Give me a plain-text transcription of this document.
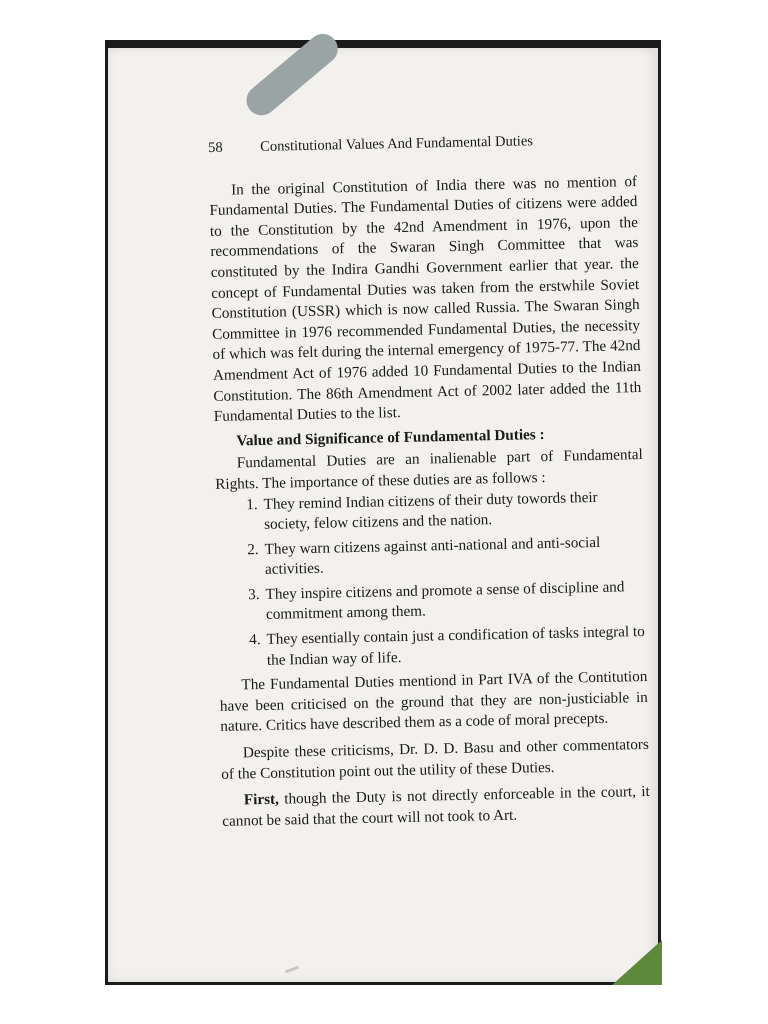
58	Constitutional Values And Fundamental Duties

In the original Constitution of India there was no mention of Fundamental Duties. The Fundamental Duties of citizens were added to the Constitution by the 42nd Amendment in 1976, upon the recommendations of the Swaran Singh Committee that was constituted by the Indira Gandhi Government earlier that year. the concept of Fundamental Duties was taken from the erstwhile Soviet Constitution (USSR) which is now called Russia. The Swaran Singh Committee in 1976 recommended Fundamental Duties, the necessity of which was felt during the internal emergency of 1975-77. The 42nd Amendment Act of 1976 added 10 Fundamental Duties to the Indian Constitution. The 86th Amendment Act of 2002 later added the 11th Fundamental Duties to the list.

Value and Significance of Fundamental Duties :

Fundamental Duties are an inalienable part of Fundamental Rights. The importance of these duties are as follows :

1. They remind Indian citizens of their duty towords their society, felow citizens and the nation.
2. They warn citizens against anti-national and anti-social activities.
3. They inspire citizens and promote a sense of discipline and commitment among them.
4. They esentially contain just a condification of tasks integral to the Indian way of life.

The Fundamental Duties mentiond in Part IVA of the Contitution have been criticised on the ground that they are non-justiciable in nature. Critics have described them as a code of moral precepts.

Despite these criticisms, Dr. D. D. Basu and other commentators of the Constitution point out the utility of these Duties.

First, though the Duty is not directly enforceable in the court, it cannot be said that the court will not took to Art.
